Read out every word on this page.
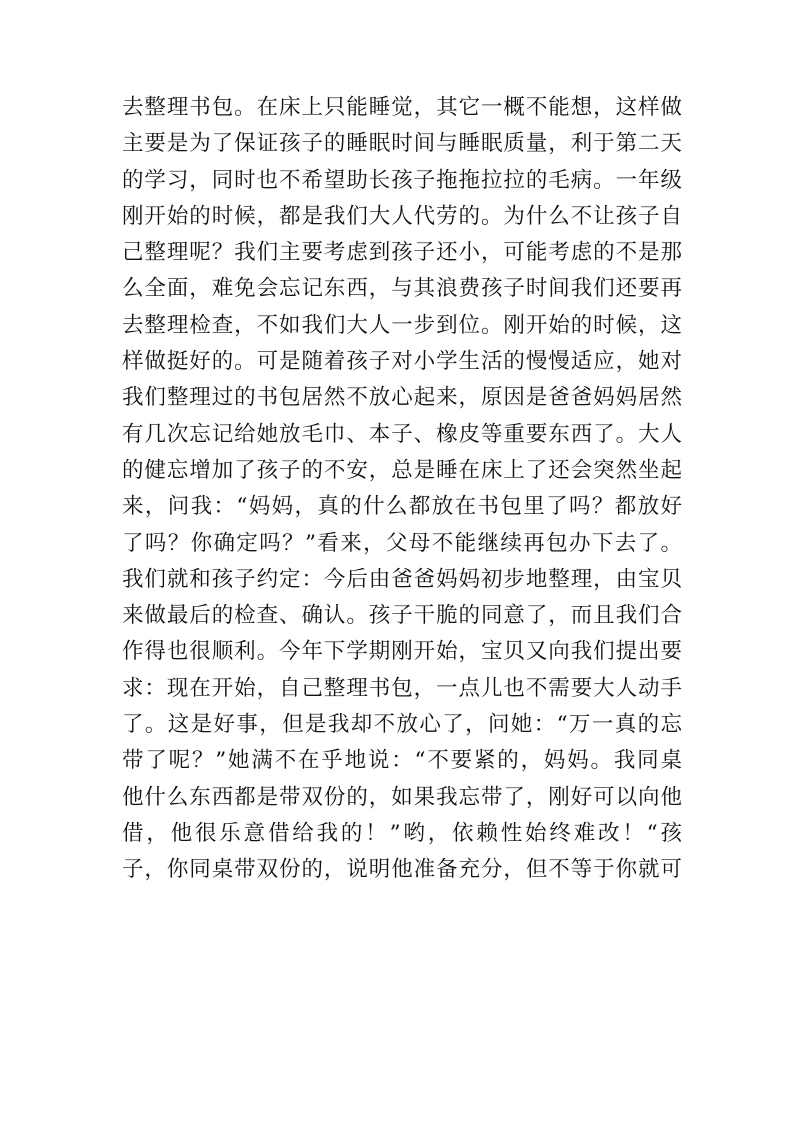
去整理书包。在床上只能睡觉，其它一概不能想，这样做
主要是为了保证孩子的睡眠时间与睡眠质量，利于第二天
的学习，同时也不希望助长孩子拖拖拉拉的毛病。一年级
刚开始的时候，都是我们大人代劳的。为什么不让孩子自
己整理呢？我们主要考虑到孩子还小，可能考虑的不是那
么全面，难免会忘记东西，与其浪费孩子时间我们还要再
去整理检查，不如我们大人一步到位。刚开始的时候，这
样做挺好的。可是随着孩子对小学生活的慢慢适应，她对
我们整理过的书包居然不放心起来，原因是爸爸妈妈居然
有几次忘记给她放毛巾、本子、橡皮等重要东西了。大人
的健忘增加了孩子的不安，总是睡在床上了还会突然坐起
来，问我：“妈妈，真的什么都放在书包里了吗？都放好
了吗？你确定吗？”看来，父母不能继续再包办下去了。
我们就和孩子约定：今后由爸爸妈妈初步地整理，由宝贝
来做最后的检查、确认。孩子干脆的同意了，而且我们合
作得也很顺利。今年下学期刚开始，宝贝又向我们提出要
求：现在开始，自己整理书包，一点儿也不需要大人动手
了。这是好事，但是我却不放心了，问她：“万一真的忘
带了呢？”她满不在乎地说：“不要紧的，妈妈。我同桌
他什么东西都是带双份的，如果我忘带了，刚好可以向他
借，他很乐意借给我的！”哟，依赖性始终难改！“孩
子，你同桌带双份的，说明他准备充分，但不等于你就可
